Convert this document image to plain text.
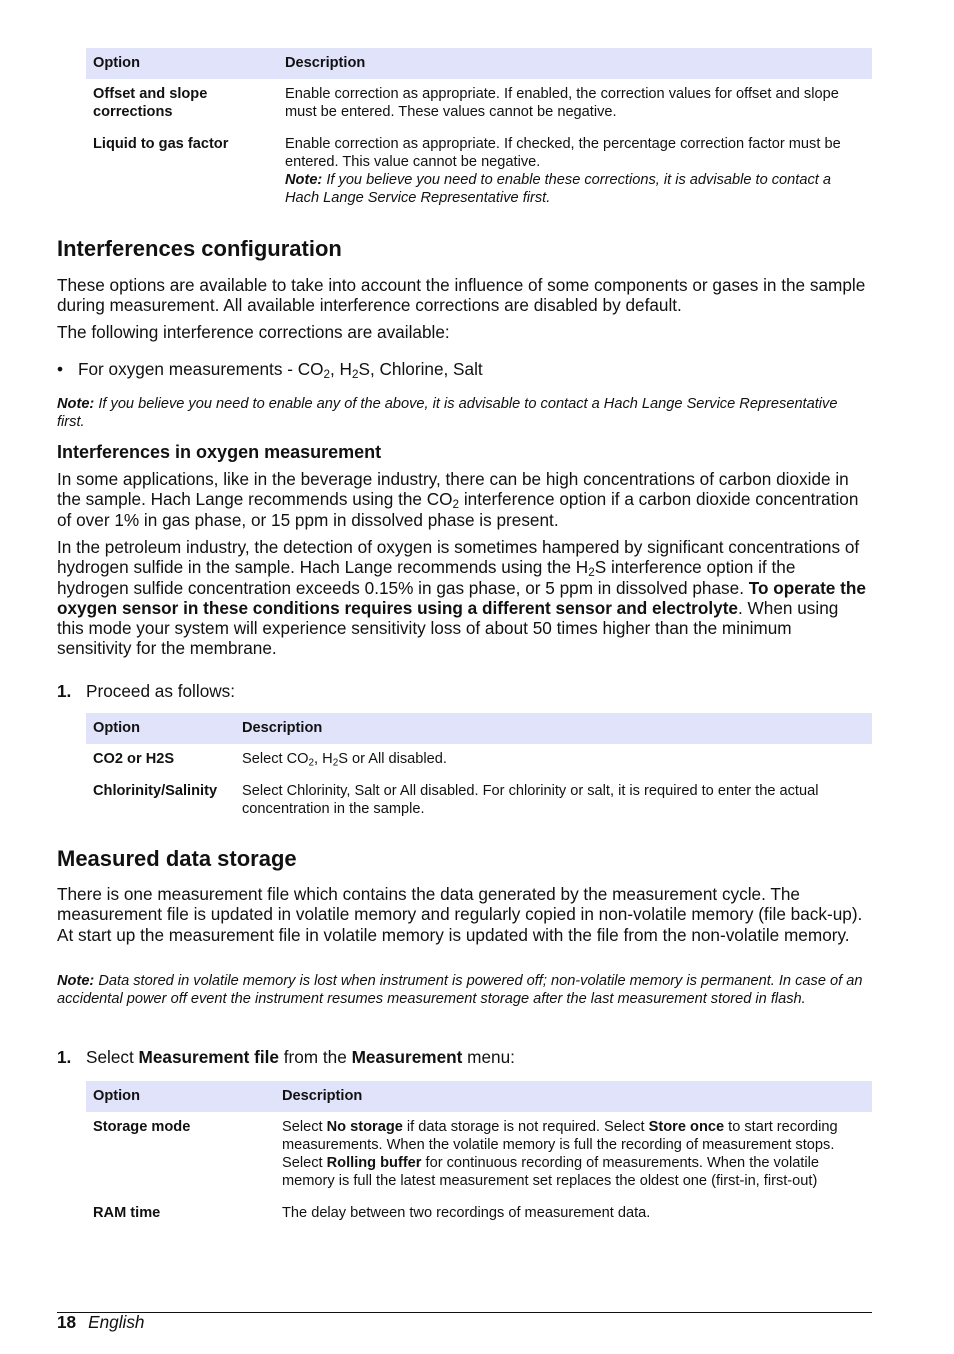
Option	Description
Offset and slope corrections	Enable correction as appropriate. If enabled, the correction values for offset and slope must be entered. These values cannot be negative.
Liquid to gas factor	Enable correction as appropriate. If checked, the percentage correction factor must be entered. This value cannot be negative.
Note: If you believe you need to enable these corrections, it is advisable to contact a Hach Lange Service Representative first.
Interferences configuration

These options are available to take into account the influence of some components or gases in the sample during measurement. All available interference corrections are disabled by default.

The following interference corrections are available:

• For oxygen measurements - $CO_2$, $H_2S$, Chlorine, Salt

Note: If you believe you need to enable any of the above, it is advisable to contact a Hach Lange Service Representative first.

Interferences in oxygen measurement

In some applications, like in the beverage industry, there can be high concentrations of carbon dioxide in the sample. Hach Lange recommends using the $CO_2$ interference option if a carbon dioxide concentration of over 1% in gas phase, or 15 ppm in dissolved phase is present.

In the petroleum industry, the detection of oxygen is sometimes hampered by significant concentrations of hydrogen sulfide in the sample. Hach Lange recommends using the $H_2S$ interference option if the hydrogen sulfide concentration exceeds 0.15% in gas phase, or 5 ppm in dissolved phase. To operate the oxygen sensor in these conditions requires using a different sensor and electrolyte. When using this mode your system will experience sensitivity loss of about 50 times higher than the minimum sensitivity for the membrane.

1. Proceed as follows:
Option	Description
CO2 or H2S	Select $CO_2$, $H_2S$ or All disabled.
Chlorinity/Salinity	Select Chlorinity, Salt or All disabled. For chlorinity or salt, it is required to enter the actual concentration in the sample.
Measured data storage

There is one measurement file which contains the data generated by the measurement cycle. The measurement file is updated in volatile memory and regularly copied in non-volatile memory (file back-up). At start up the measurement file in volatile memory is updated with the file from the non-volatile memory.

Note: Data stored in volatile memory is lost when instrument is powered off; non-volatile memory is permanent. In case of an accidental power off event the instrument resumes measurement storage after the last measurement stored in flash.

1. Select Measurement file from the Measurement menu:
Option	Description
Storage mode	Select No storage if data storage is not required. Select Store once to start recording measurements. When the volatile memory is full the recording of measurement stops. Select Rolling buffer for continuous recording of measurements. When the volatile memory is full the latest measurement set replaces the oldest one (first-in, first-out)
RAM time	The delay between two recordings of measurement data.
18 English
